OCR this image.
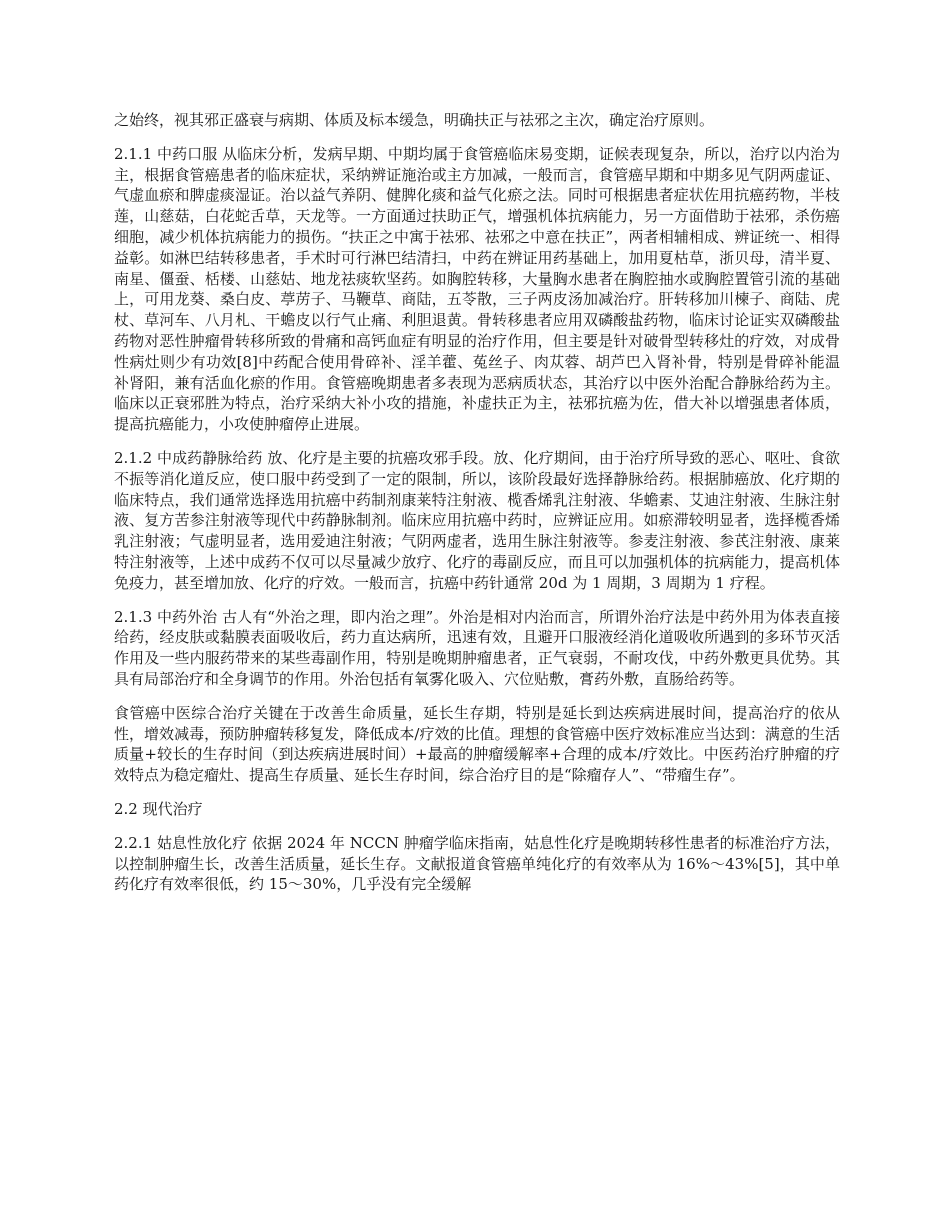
之始终，视其邪正盛衰与病期、体质及标本缓急，明确扶正与祛邪之主次，确定治疗原则。

2.1.1 中药口服 从临床分析，发病早期、中期均属于食管癌临床易变期，证候表现复杂，所以，治疗以内治为主，根据食管癌患者的临床症状，采纳辨证施治或主方加减，一般而言，食管癌早期和中期多见气阴两虚证、气虚血瘀和脾虚痰湿证。治以益气养阴、健脾化痰和益气化瘀之法。同时可根据患者症状佐用抗癌药物，半枝莲，山慈菇，白花蛇舌草，天龙等。一方面通过扶助正气，增强机体抗病能力，另一方面借助于祛邪，杀伤癌细胞，减少机体抗病能力的损伤。“扶正之中寓于祛邪、祛邪之中意在扶正”，两者相辅相成、辨证统一、相得益彰。如淋巴结转移患者，手术时可行淋巴结清扫，中药在辨证用药基础上，加用夏枯草，浙贝母，清半夏、南星、僵蚕、栝楼、山慈姑、地龙祛痰软坚药。如胸腔转移，大量胸水患者在胸腔抽水或胸腔置管引流的基础上，可用龙葵、桑白皮、葶苈子、马鞭草、商陆，五苓散，三子两皮汤加减治疗。肝转移加川楝子、商陆、虎杖、草河车、八月札、干蟾皮以行气止痛、利胆退黄。骨转移患者应用双磷酸盐药物，临床讨论证实双磷酸盐药物对恶性肿瘤骨转移所致的骨痛和高钙血症有明显的治疗作用，但主要是针对破骨型转移灶的疗效，对成骨性病灶则少有功效[8]中药配合使用骨碎补、淫羊藿、菟丝子、肉苁蓉、胡芦巴入肾补骨，特别是骨碎补能温补肾阳，兼有活血化瘀的作用。食管癌晚期患者多表现为恶病质状态，其治疗以中医外治配合静脉给药为主。临床以正衰邪胜为特点，治疗采纳大补小攻的措施，补虚扶正为主，祛邪抗癌为佐，借大补以增强患者体质，提高抗癌能力，小攻使肿瘤停止进展。

2.1.2 中成药静脉给药 放、化疗是主要的抗癌攻邪手段。放、化疗期间，由于治疗所导致的恶心、呕吐、食欲不振等消化道反应，使口服中药受到了一定的限制，所以，该阶段最好选择静脉给药。根据肺癌放、化疗期的临床特点，我们通常选择选用抗癌中药制剂康莱特注射液、榄香烯乳注射液、华蟾素、艾迪注射液、生脉注射液、复方苦参注射液等现代中药静脉制剂。临床应用抗癌中药时，应辨证应用。如瘀滞较明显者，选择榄香烯乳注射液；气虚明显者，选用爱迪注射液；气阴两虚者，选用生脉注射液等。参麦注射液、参芪注射液、康莱特注射液等，上述中成药不仅可以尽量减少放疗、化疗的毒副反应，而且可以加强机体的抗病能力，提高机体免疫力，甚至增加放、化疗的疗效。一般而言，抗癌中药针通常 20d 为 1 周期，3 周期为 1 疗程。

2.1.3 中药外治 古人有“外治之理，即内治之理”。外治是相对内治而言，所谓外治疗法是中药外用为体表直接给药，经皮肤或黏膜表面吸收后，药力直达病所，迅速有效，且避开口服液经消化道吸收所遇到的多环节灭活作用及一些内服药带来的某些毒副作用，特别是晚期肿瘤患者，正气衰弱，不耐攻伐，中药外敷更具优势。其具有局部治疗和全身调节的作用。外治包括有氧雾化吸入、穴位贴敷，膏药外敷，直肠给药等。

食管癌中医综合治疗关键在于改善生命质量，延长生存期，特别是延长到达疾病进展时间，提高治疗的依从性，增效减毒，预防肿瘤转移复发，降低成本/疗效的比值。理想的食管癌中医疗效标准应当达到：满意的生活质量+较长的生存时间（到达疾病进展时间）+最高的肿瘤缓解率+合理的成本/疗效比。中医药治疗肿瘤的疗效特点为稳定瘤灶、提高生存质量、延长生存时间，综合治疗目的是“除瘤存人”、“带瘤生存”。

2.2 现代治疗

2.2.1 姑息性放化疗 依据 2024 年 NCCN 肿瘤学临床指南，姑息性化疗是晚期转移性患者的标准治疗方法，以控制肿瘤生长，改善生活质量，延长生存。文献报道食管癌单纯化疗的有效率从为 16%～43%[5]，其中单药化疗有效率很低，约 15～30%，几乎没有完全缓解
